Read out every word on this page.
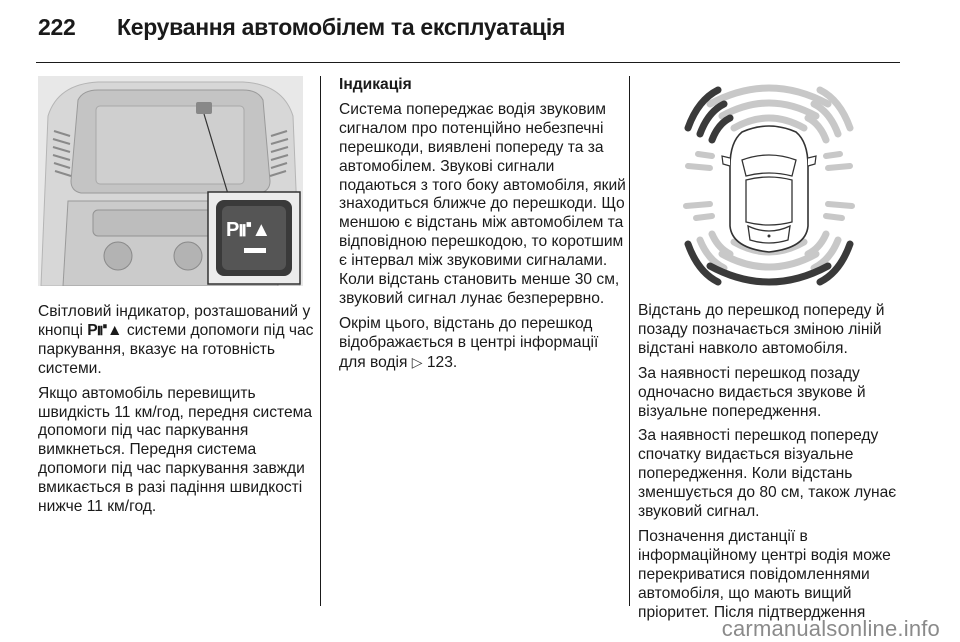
222 Керування автомобілем та експлуатація
P⑈▲

Світловий індикатор, розташований у кнопці P⑈▲ системи допомоги під час паркування, вказує на готовність системи.

Якщо автомобіль перевищить швидкість 11 км/год, передня система допомоги під час паркування вимкнеться. Передня система допомоги під час паркування завжди вмикається в разі падіння швидкості нижче 11 км/год.

Індикація

Система попереджає водія звуковим сигналом про потенційно небезпечні перешкоди, виявлені попереду та за автомобілем. Звукові сигнали подаються з того боку автомобіля, який знаходиться ближче до перешкоди. Що меншою є відстань між автомобілем та відповідною перешкодою, то коротшим є інтервал між звуковими сигналами. Коли відстань становить менше 30 см, звуковий сигнал лунає безперервно.

Окрім цього, відстань до перешкод відображається в центрі інформації для водія ▷ 123.

Відстань до перешкод попереду й позаду позначається зміною ліній відстані навколо автомобіля.

За наявності перешкод позаду одночасно видається звукове й візуальне попередження.

За наявності перешкод попереду спочатку видається візуальне попередження. Коли відстань зменшується до 80 см, також лунає звуковий сигнал.

Позначення дистанції в інформаційному центрі водія може перекриватися повідомленнями автомобіля, що мають вищий пріоритет. Після підтвердження

carmanualsonline.info
